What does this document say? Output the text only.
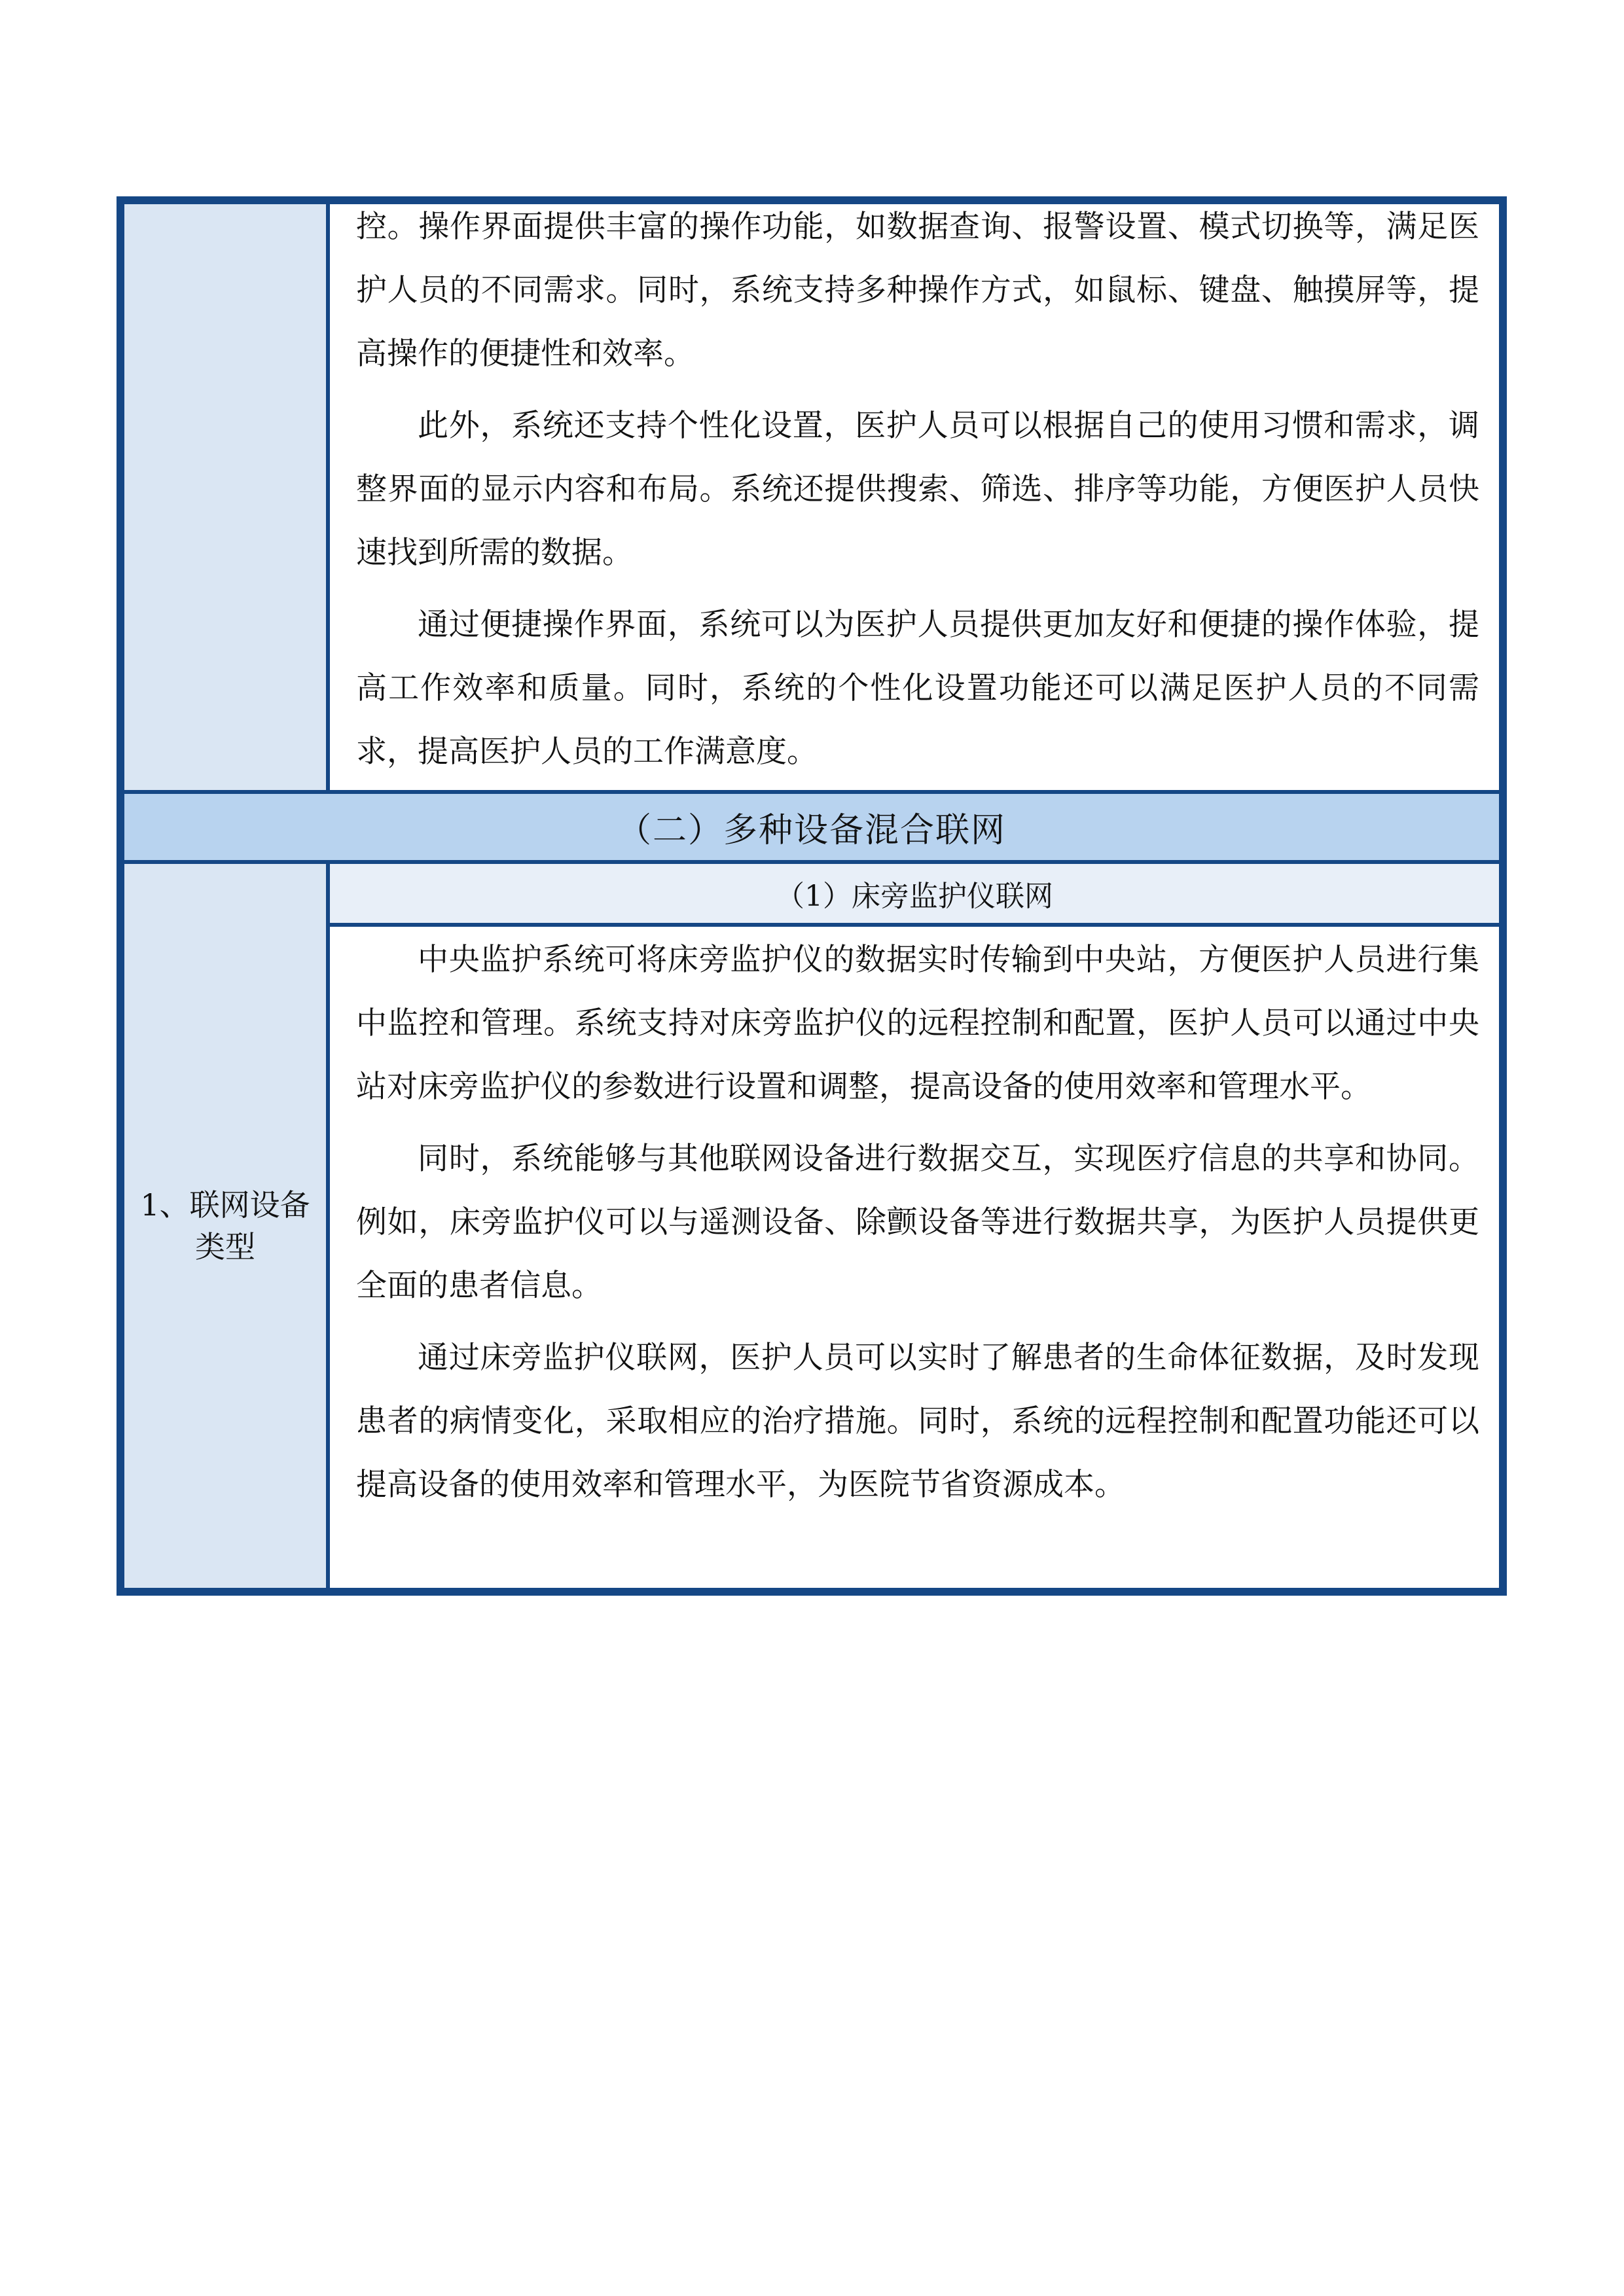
控。操作界面提供丰富的操作功能，如数据查询、报警设置、模式切换等，满足医护人员的不同需求。同时，系统支持多种操作方式，如鼠标、键盘、触摸屏等，提高操作的便捷性和效率。

此外，系统还支持个性化设置，医护人员可以根据自己的使用习惯和需求，调整界面的显示内容和布局。系统还提供搜索、筛选、排序等功能，方便医护人员快速找到所需的数据。

通过便捷操作界面，系统可以为医护人员提供更加友好和便捷的操作体验，提高工作效率和质量。同时，系统的个性化设置功能还可以满足医护人员的不同需求，提高医护人员的工作满意度。

（二）多种设备混合联网
1、联网设备类型
（1）床旁监护仪联网

中央监护系统可将床旁监护仪的数据实时传输到中央站，方便医护人员进行集中监控和管理。系统支持对床旁监护仪的远程控制和配置，医护人员可以通过中央站对床旁监护仪的参数进行设置和调整，提高设备的使用效率和管理水平。

同时，系统能够与其他联网设备进行数据交互，实现医疗信息的共享和协同。例如，床旁监护仪可以与遥测设备、除颤设备等进行数据共享，为医护人员提供更全面的患者信息。

通过床旁监护仪联网，医护人员可以实时了解患者的生命体征数据，及时发现患者的病情变化，采取相应的治疗措施。同时，系统的远程控制和配置功能还可以提高设备的使用效率和管理水平，为医院节省资源成本。
